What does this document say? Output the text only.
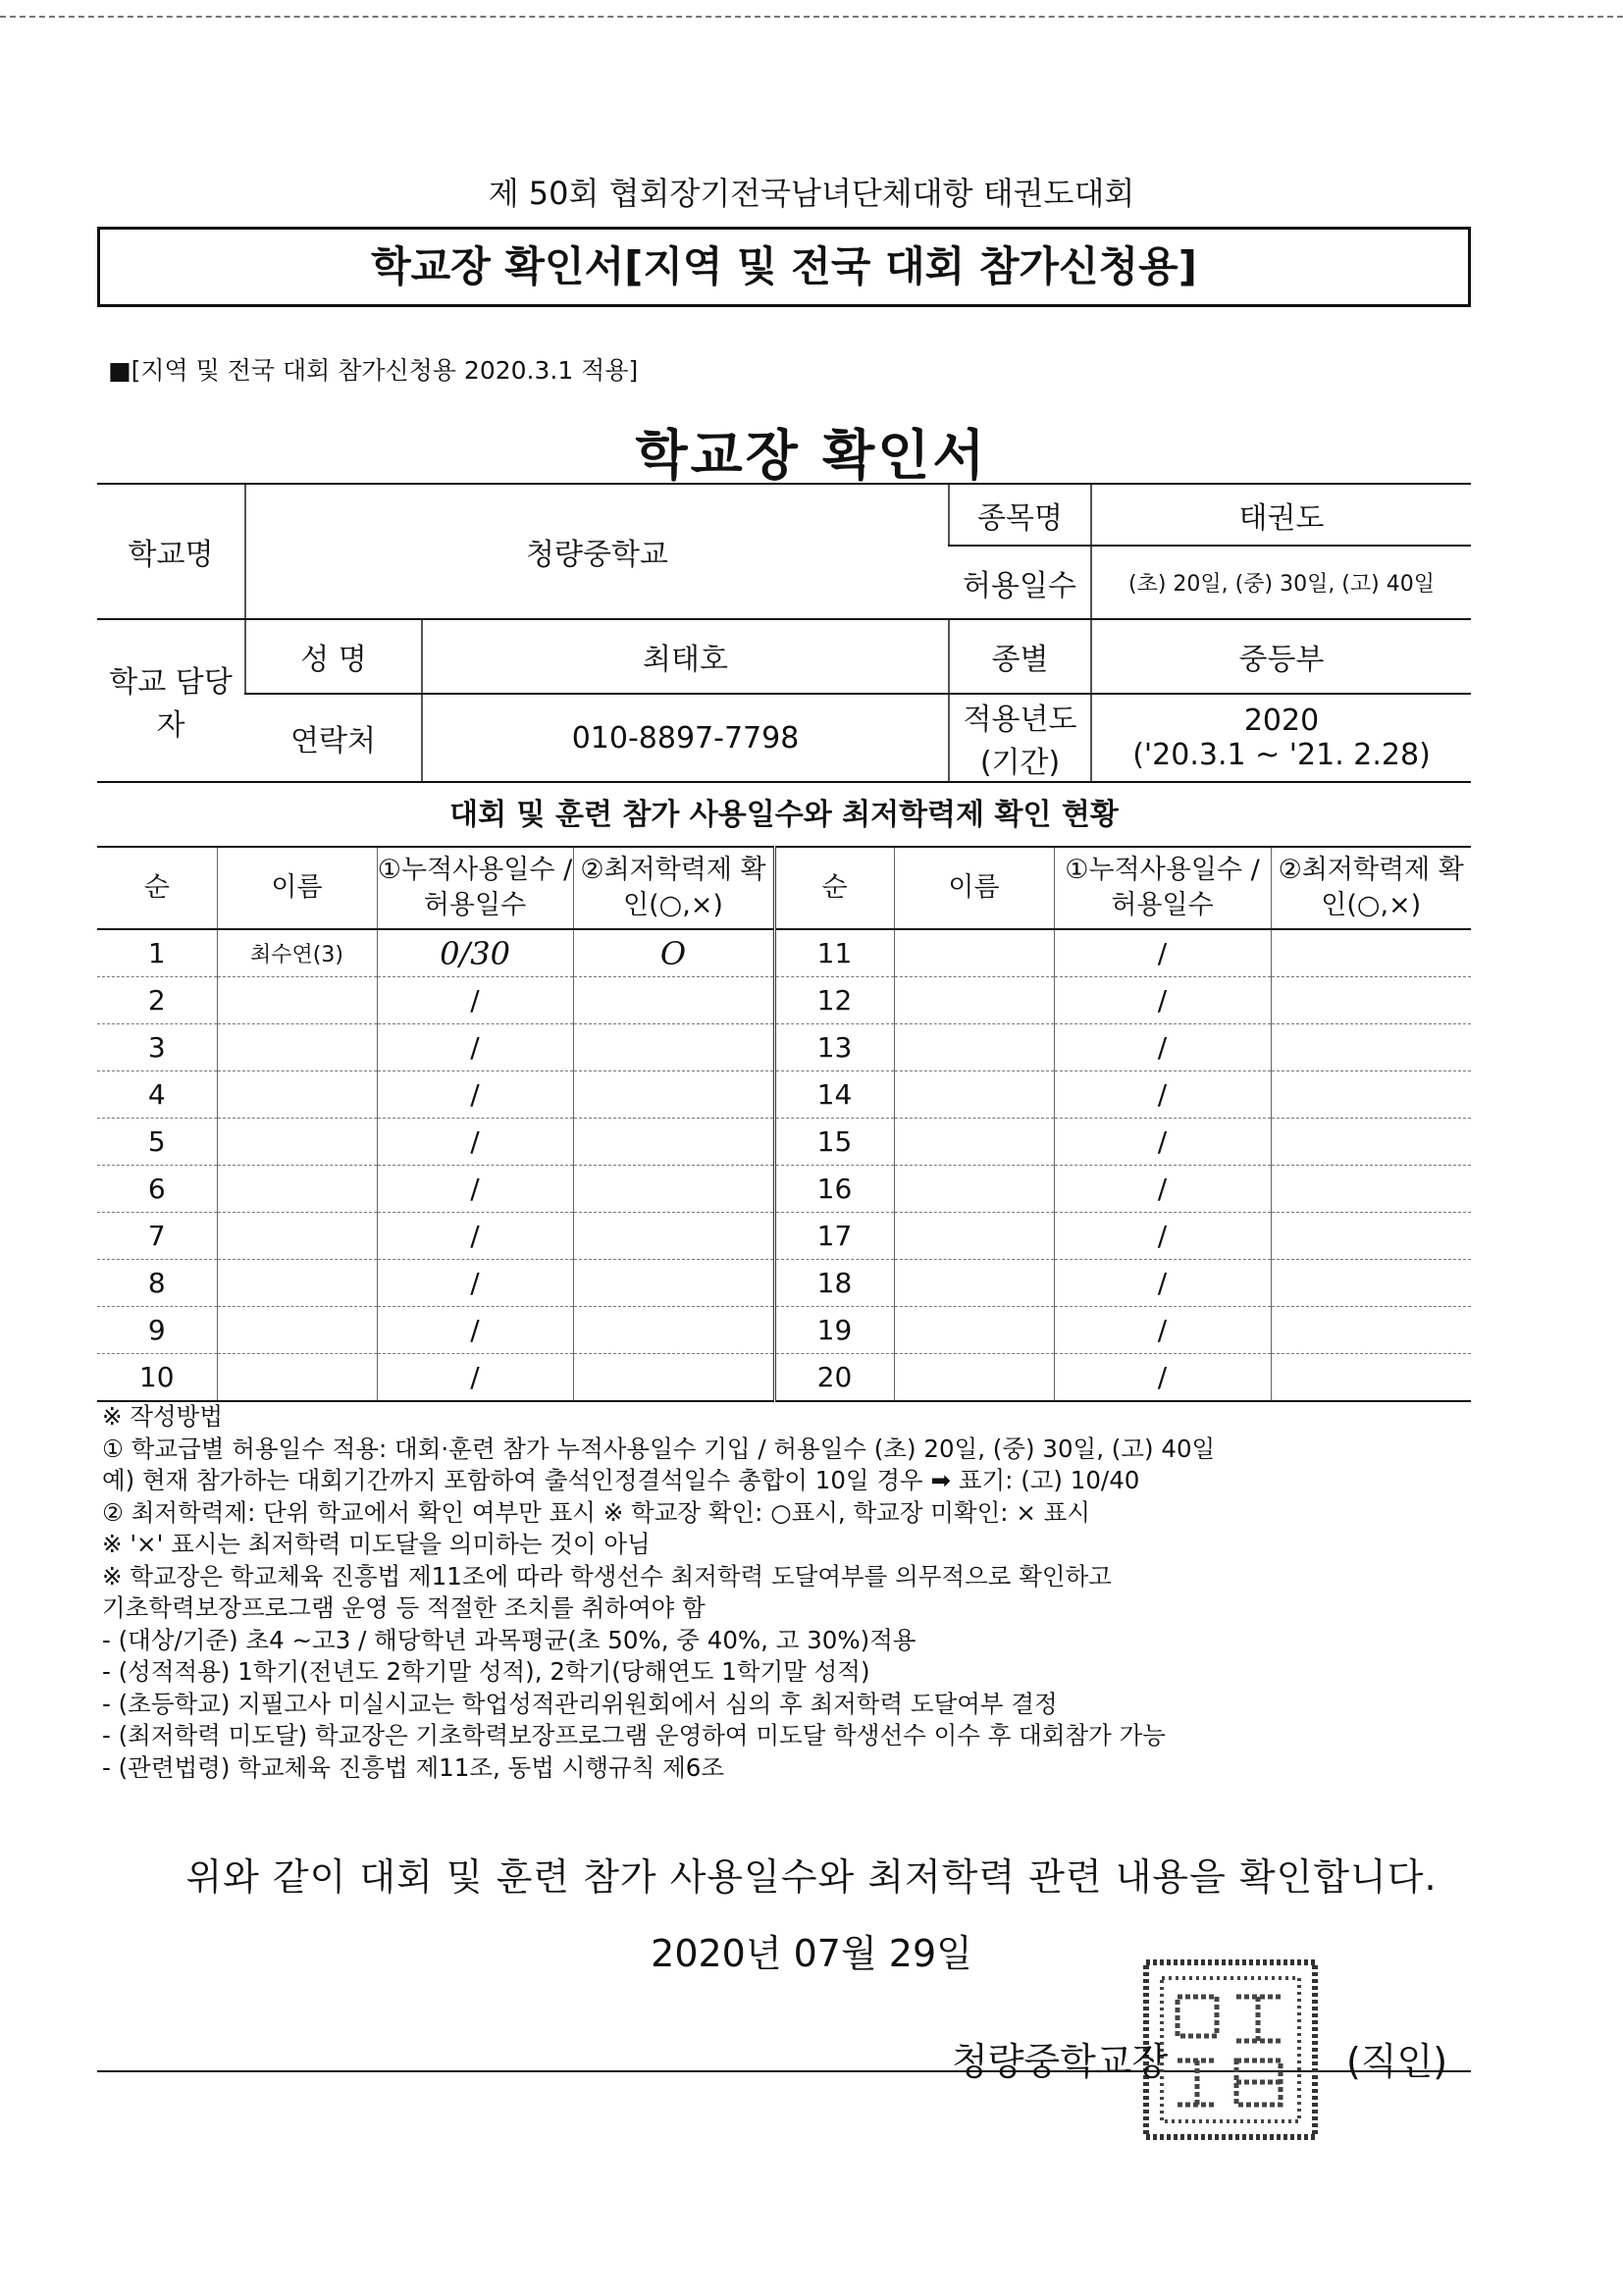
제 50회 협회장기전국남녀단체대항 태권도대회
학교장 확인서[지역 및 전국 대회 참가신청용]
■[지역 및 전국 대회 참가신청용 2020.3.1 적용]
학교장 확인서
학교명	청량중학교		종목명	태권도
			허용일수	(초) 20일, (중) 30일, (고) 40일
학교 담당자	성 명	최태호	종별	중등부
	연락처	010-8897-7798	적용년도 (기간)	2020
('20.3.1 ~ '21. 2.28)
대회 및 훈련 참가 사용일수와 최저학력제 확인 현황
순	이름	①누적사용일수 /허용일수	②최저학력제 확인(○,×)	순	이름	①누적사용일수 /허용일수	②최저학력제 확인(○,×)
1	최수연(3)	0/30	O	11		/	
2		/		12		/	
3		/		13		/	
4		/		14		/	
5		/		15		/	
6		/		16		/	
7		/		17		/	
8		/		18		/	
9		/		19		/	
10		/		20		/	
※ 작성방법
① 학교급별 허용일수 적용: 대회·훈련 참가 누적사용일수 기입 / 허용일수 (초) 20일, (중) 30일, (고) 40일
예) 현재 참가하는 대회기간까지 포함하여 출석인정결석일수 총합이 10일 경우 ➡ 표기: (고) 10/40
② 최저학력제: 단위 학교에서 확인 여부만 표시 ※ 학교장 확인: ○표시, 학교장 미확인: × 표시
※ '×' 표시는 최저학력 미도달을 의미하는 것이 아님
※ 학교장은 학교체육 진흥법 제11조에 따라 학생선수 최저학력 도달여부를 의무적으로 확인하고
기초학력보장프로그램 운영 등 적절한 조치를 취하여야 함
- (대상/기준) 초4 ~고3 / 해당학년 과목평균(초 50%, 중 40%, 고 30%)적용
- (성적적용) 1학기(전년도 2학기말 성적), 2학기(당해연도 1학기말 성적)
- (초등학교) 지필고사 미실시교는 학업성적관리위원회에서 심의 후 최저학력 도달여부 결정
- (최저학력 미도달) 학교장은 기초학력보장프로그램 운영하여 미도달 학생선수 이수 후 대회참가 가능
- (관련법령) 학교체육 진흥법 제11조, 동법 시행규칙 제6조
위와 같이 대회 및 훈련 참가 사용일수와 최저학력 관련 내용을 확인합니다.
2020년 07월 29일
청량중학교장	(직인)
